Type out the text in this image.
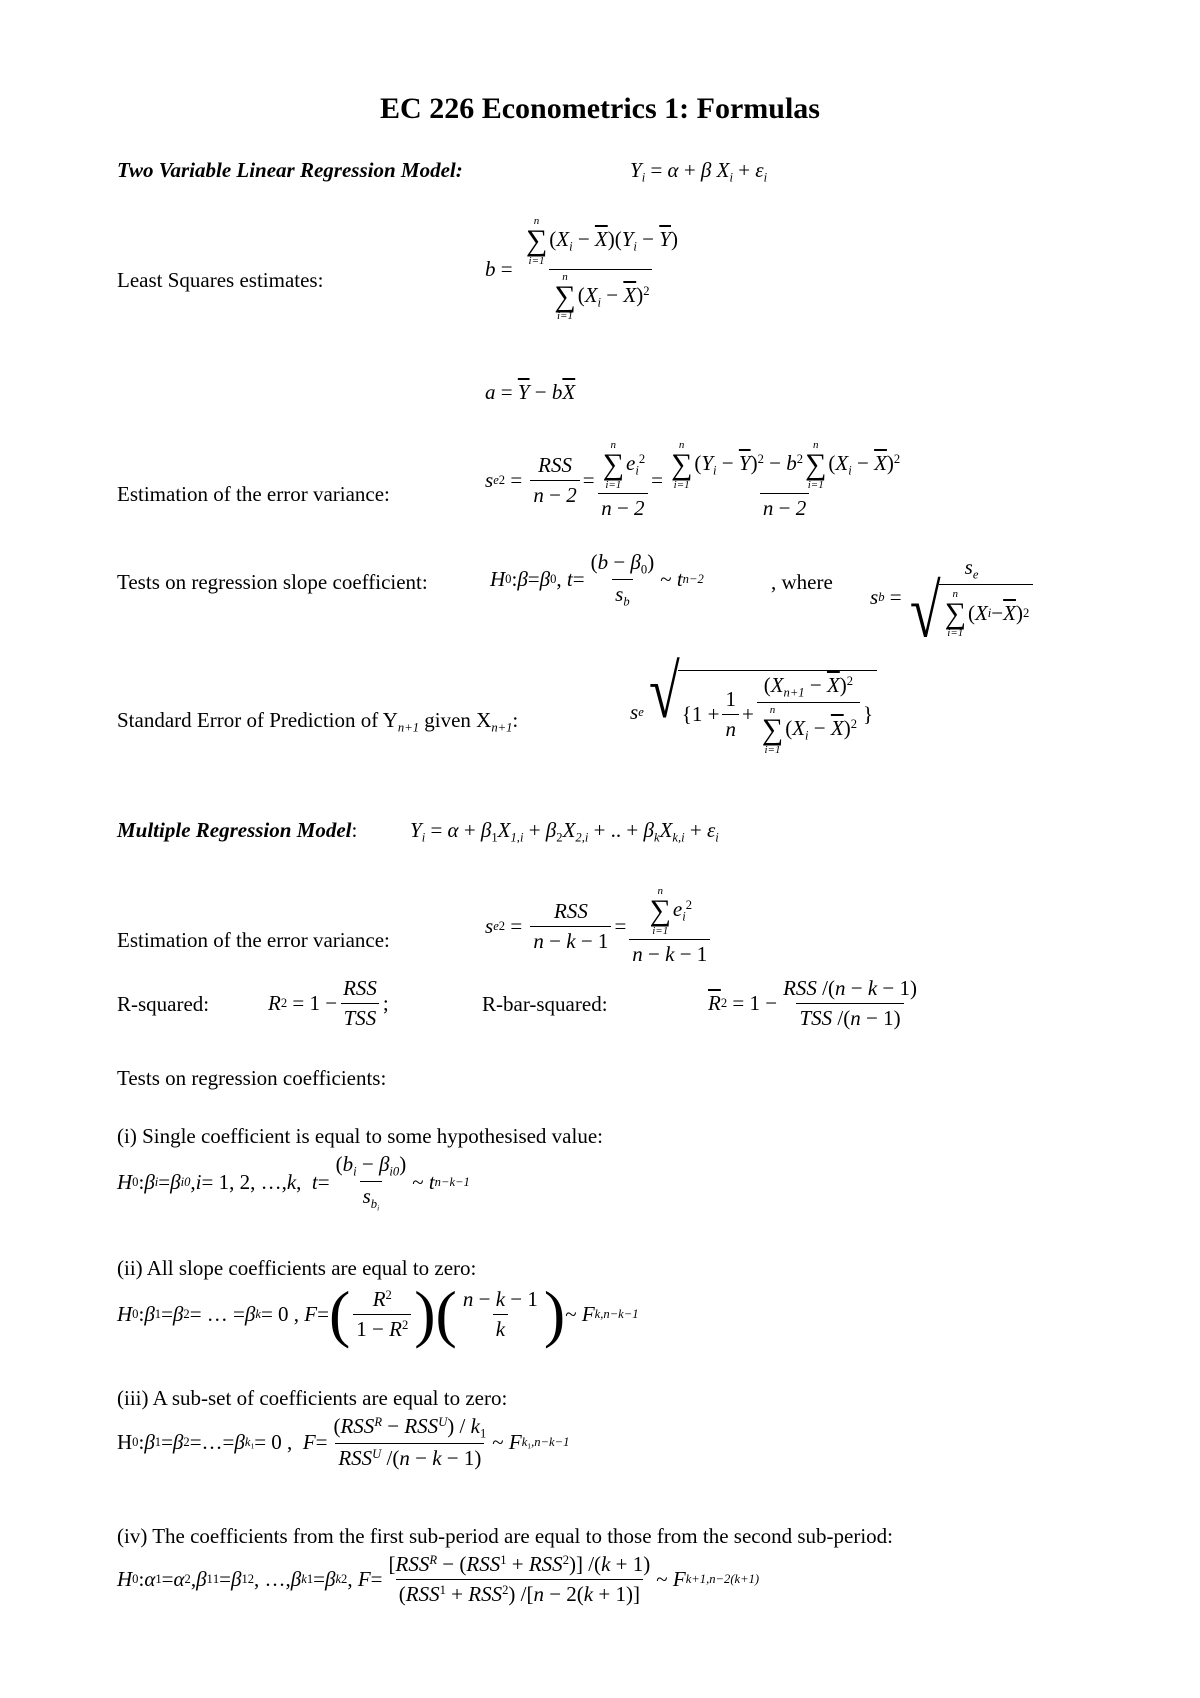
EC 226 Econometrics 1: Formulas
Two Variable Linear Regression Model:	$Y_i = \alpha + \beta$ $X_i + \varepsilon_i$
Least Squares estimates:	b = n
∑
i=1
$(X_i - \overline{X})(Y_i - \overline{Y})$
n
∑
i=1
$(X_i - \overline{X})^2$
$a = \overline{Y} - b\overline{X}$
Estimation of the error variance:
s e $2 = \frac{\text{RSS}}{n - 2} = n$
∑
i=1
$e_i^2$
n − 2 = n
∑
i=1
$(Y_i - \overline{Y})^2 - b^2$
n
∑
i=1
$(X_i - \overline{X})^2$
n − 2
Tests on regression slope coefficient:	H 0 : β = β 0 , $t = \frac{(b - \beta_0)}{s_b}$ ~ t n−2	, where
s b =
$s_e$
√ n
∑
i=1
( X $i - \overline{X}$ ) 2
Standard Error of Prediction of $Y_{n+1}$ given $X_{n+1}$:	s e
√ {$1 + \frac{1}{n} + (X_{n+1} - \overline{X})^2$
n
∑
i=1
$(X_i - \overline{X})^2$ }
Multiple Regression Model:	$Y_i = \alpha + \beta_1X_{1,i} + \beta_2X_{2,i}$ + .. + $\beta_kX_{k,i} + \varepsilon_i$
Estimation of the error variance:
s e $2 = \frac{\text{RSS}}{n - k - 1} = n$
∑
i=1
$e_i^2$
n − k − 1
R-squared:	R $2 = 1 - \frac{\text{RSS}}{\text{TSS}}$ ;	R-bar-squared:	$\overline{R}$ $2 = 1 - \frac{\text{RSS /(n − k − 1)}}{\text{TSS /(n − 1)}}$
Tests on regression coefficients:
(i) Single coefficient is equal to some hypothesised value:
H 0 : β i = β i0 , i = 1, 2, …, k , $t = \frac{(b_i - \beta_{i0})}{s_{b_i}}$ ~ t n−k−1
(ii) All slope coefficients are equal to zero:
H 0 : β 1 = β 2 = … = β k = 0 , F = ( $\frac{R^2}{1 - R^2}$ ) ( $\frac{n - k - 1}{k}$ ) ~ F k,n−k−1
(iii) A sub-set of coefficients are equal to zero:
H 0 : β 1 = β 2 =…= β $k_1 = 0$ , $F = \frac{(RSS^R - RSS^U) / k_1}{RSS^U /(n - k - 1)}$ ~ F $k_1,n-k-1$
(iv) The coefficients from the first sub-period are equal to those from the second sub-period:
H 0 : α 1 = α 2 , β 1 1 = β 1 2 , …, β k 1 = β k 2 , $F = \frac{[RSS^R - (RSS^1 + RSS^2)] /(k + 1)}{(RSS^1 + RSS^2) /[n - 2(k + 1)]}$ ~ F k+1,n−2(k+1)
